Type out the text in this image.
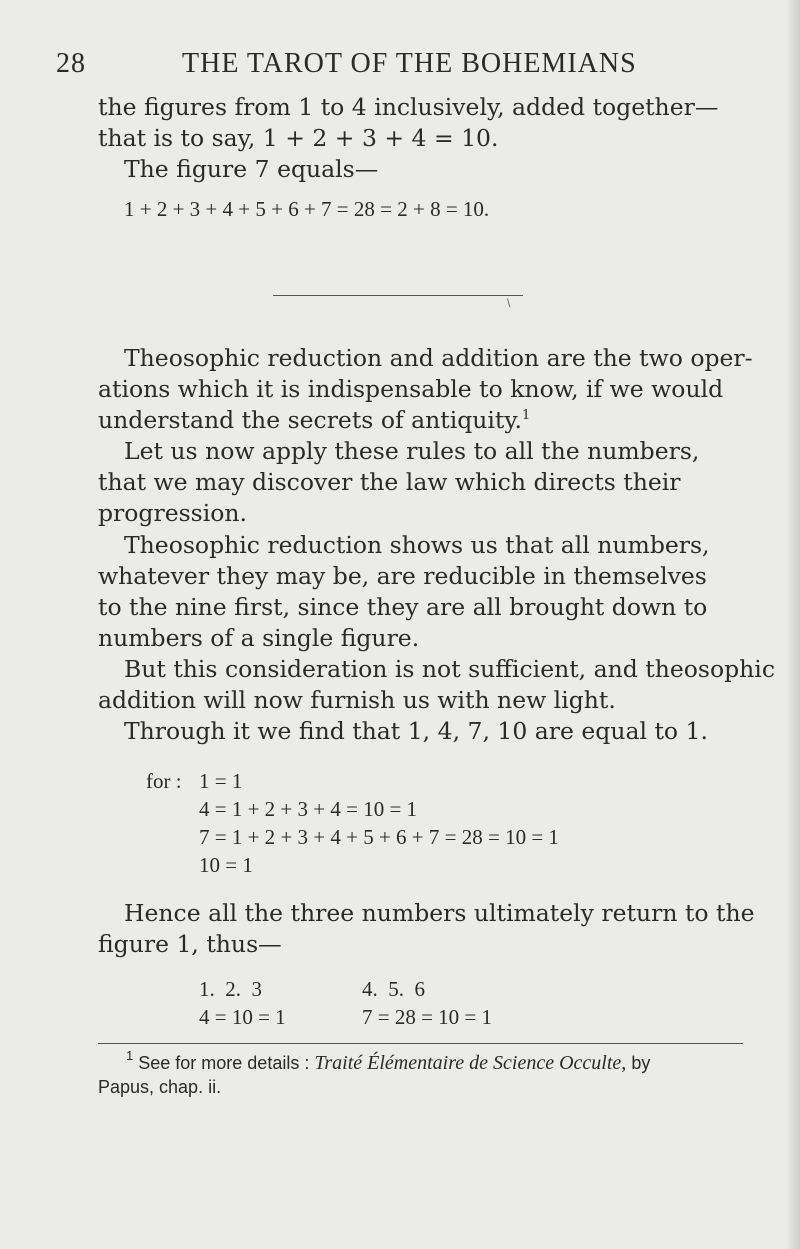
28	THE TAROT OF THE BOHEMIANS
the figures from 1 to 4 inclusively, added together—
that is to say, 1 + 2 + 3 + 4 = 10.
The figure 7 equals—
1 + 2 + 3 + 4 + 5 + 6 + 7 = 28 = 2 + 8 = 10.
\
Theosophic reduction and addition are the two oper-
ations which it is indispensable to know, if we would
understand the secrets of antiquity.$^1$
Let us now apply these rules to all the numbers,
that we may discover the law which directs their
progression.
Theosophic reduction shows us that all numbers,
whatever they may be, are reducible in themselves
to the nine first, since they are all brought down to
numbers of a single figure.
But this consideration is not sufficient, and theosophic
addition will now furnish us with new light.
Through it we find that 1, 4, 7, 10 are equal to 1.
for : 1 = 1
4 = 1 + 2 + 3 + 4 = 10 = 1
7 = 1 + 2 + 3 + 4 + 5 + 6 + 7 = 28 = 10 = 1
10 = 1
Hence all the three numbers ultimately return to the
figure 1, thus—
1.  2.  3	4.  5.  6
4 = 10 = 1	7 = 28 = 10 = 1
$^1$ See for more details : Traité Élémentaire de Science Occulte, by
Papus, chap. ii.
